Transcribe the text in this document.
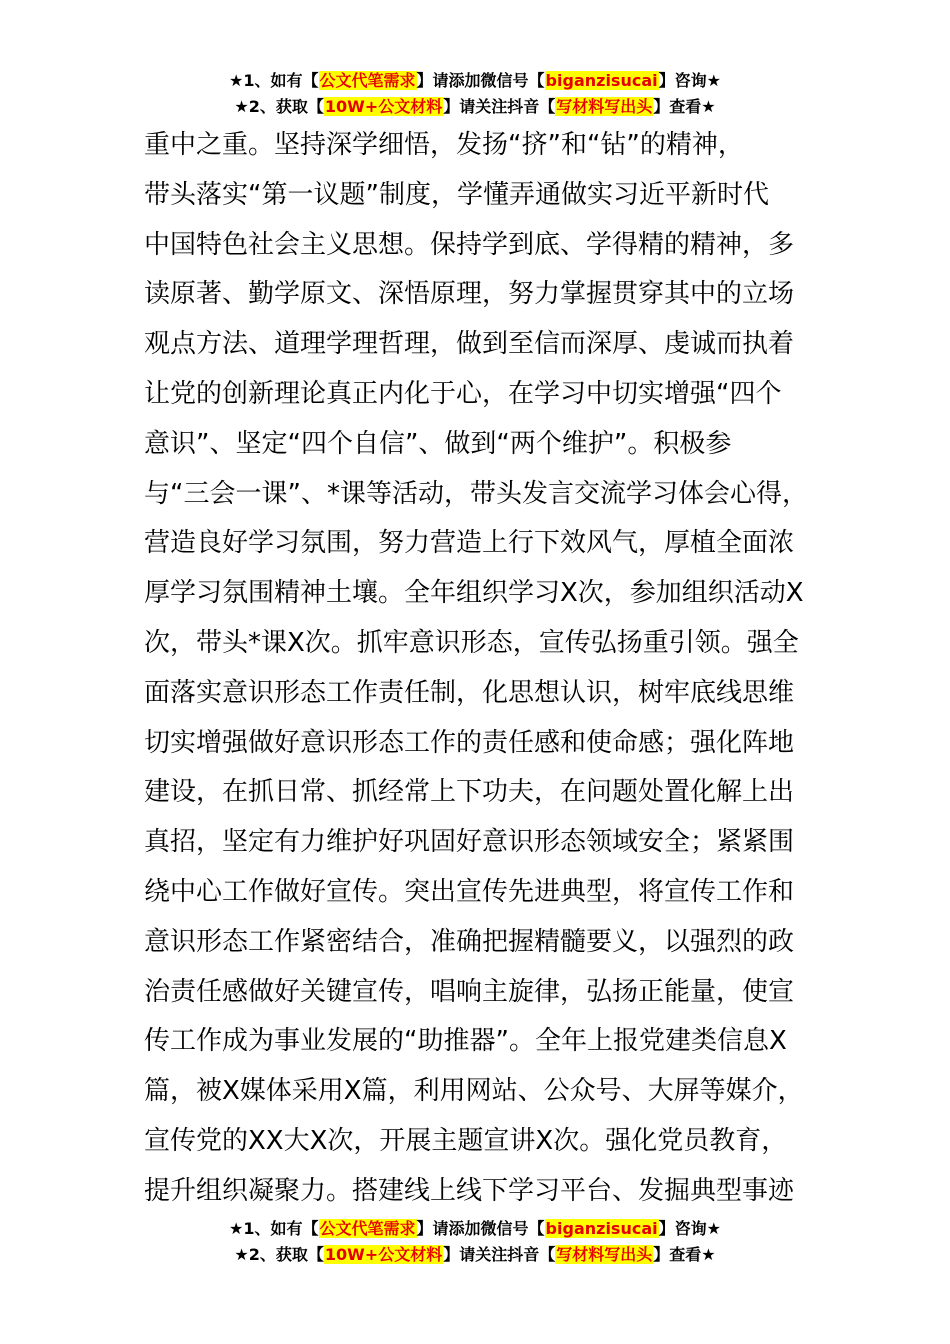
★1、如有【公文代笔需求】请添加微信号【biganzisucai】咨询★
★2、获取【10W+公文材料】请关注抖音【写材料写出头】查看★
重中之重。坚持深学细悟，发扬“挤”和“钻”的精神，
带头落实“第一议题”制度，学懂弄通做实习近平新时代
中国特色社会主义思想。保持学到底、学得精的精神，多
读原著、勤学原文、深悟原理，努力掌握贯穿其中的立场
观点方法、道理学理哲理，做到至信而深厚、虔诚而执着
让党的创新理论真正内化于心，在学习中切实增强“四个
意识”、坚定“四个自信”、做到“两个维护”。积极参
与“三会一课”、*课等活动，带头发言交流学习体会心得，
营造良好学习氛围，努力营造上行下效风气，厚植全面浓
厚学习氛围精神土壤。全年组织学习X次，参加组织活动X
次，带头*课X次。抓牢意识形态，宣传弘扬重引领。强全
面落实意识形态工作责任制，化思想认识，树牢底线思维
切实增强做好意识形态工作的责任感和使命感；强化阵地
建设，在抓日常、抓经常上下功夫，在问题处置化解上出
真招，坚定有力维护好巩固好意识形态领域安全；紧紧围
绕中心工作做好宣传。突出宣传先进典型，将宣传工作和
意识形态工作紧密结合，准确把握精髓要义，以强烈的政
治责任感做好关键宣传，唱响主旋律，弘扬正能量，使宣
传工作成为事业发展的“助推器”。全年上报党建类信息X
篇，被X媒体采用X篇，利用网站、公众号、大屏等媒介，
宣传党的XX大X次，开展主题宣讲X次。强化党员教育，
提升组织凝聚力。搭建线上线下学习平台、发掘典型事迹
★1、如有【公文代笔需求】请添加微信号【biganzisucai】咨询★
★2、获取【10W+公文材料】请关注抖音【写材料写出头】查看★
